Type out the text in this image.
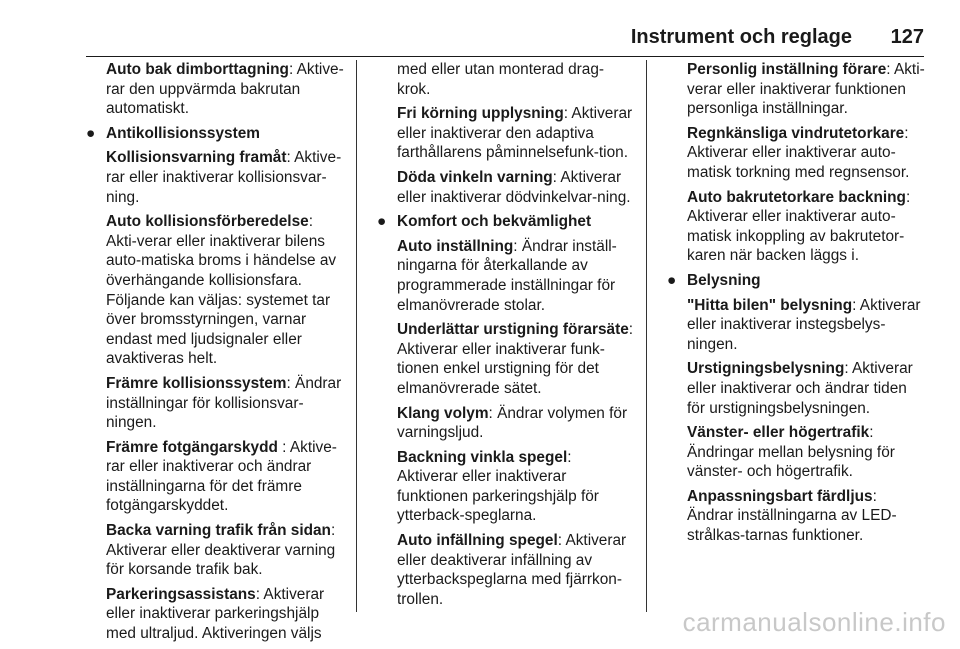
Instrument och reglage 127

Auto bak dimborttagning: Aktive-rar den uppvärmda bakrutan automatiskt.

● Antikollisionssystem

Kollisionsvarning framåt: Aktive-rar eller inaktiverar kollisionsvar-ning.

Auto kollisionsförberedelse: Akti-verar eller inaktiverar bilens auto-matiska broms i händelse av överhängande kollisionsfara. Följande kan väljas: systemet tar över bromsstyrningen, varnar endast med ljudsignaler eller avaktiveras helt.

Främre kollisionssystem: Ändrar inställningar för kollisionsvar-ningen.

Främre fotgängarskydd : Aktive-rar eller inaktiverar och ändrar inställningarna för det främre fotgängarskyddet.

Backa varning trafik från sidan: Aktiverar eller deaktiverar varning för korsande trafik bak.

Parkeringsassistans: Aktiverar eller inaktiverar parkeringshjälp med ultraljud. Aktiveringen väljs

med eller utan monterad drag-krok.

Fri körning upplysning: Aktiverar eller inaktiverar den adaptiva farthållarens påminnelsefunk-tion.

Döda vinkeln varning: Aktiverar eller inaktiverar dödvinkelvar-ning.

● Komfort och bekvämlighet

Auto inställning: Ändrar inställ-ningarna för återkallande av programmerade inställningar för elmanövrerade stolar.

Underlättar urstigning förarsäte: Aktiverar eller inaktiverar funk-tionen enkel urstigning för det elmanövrerade sätet.

Klang volym: Ändrar volymen för varningsljud.

Backning vinkla spegel: Aktiverar eller inaktiverar funktionen parkeringshjälp för ytterback-speglarna.

Auto infällning spegel: Aktiverar eller deaktiverar infällning av ytterbackspeglarna med fjärrkon-trollen.

Personlig inställning förare: Akti-verar eller inaktiverar funktionen personliga inställningar.

Regnkänsliga vindrutetorkare: Aktiverar eller inaktiverar auto-matisk torkning med regnsensor.

Auto bakrutetorkare backning: Aktiverar eller inaktiverar auto-matisk inkoppling av bakrutetor-karen när backen läggs i.

● Belysning

"Hitta bilen" belysning: Aktiverar eller inaktiverar instegsbelys-ningen.

Urstigningsbelysning: Aktiverar eller inaktiverar och ändrar tiden för urstigningsbelysningen.

Vänster- eller högertrafik: Ändringar mellan belysning för vänster- och högertrafik.

Anpassningsbart färdljus: Ändrar inställningarna av LED-strålkas-tarnas funktioner.

carmanualsonline.info
